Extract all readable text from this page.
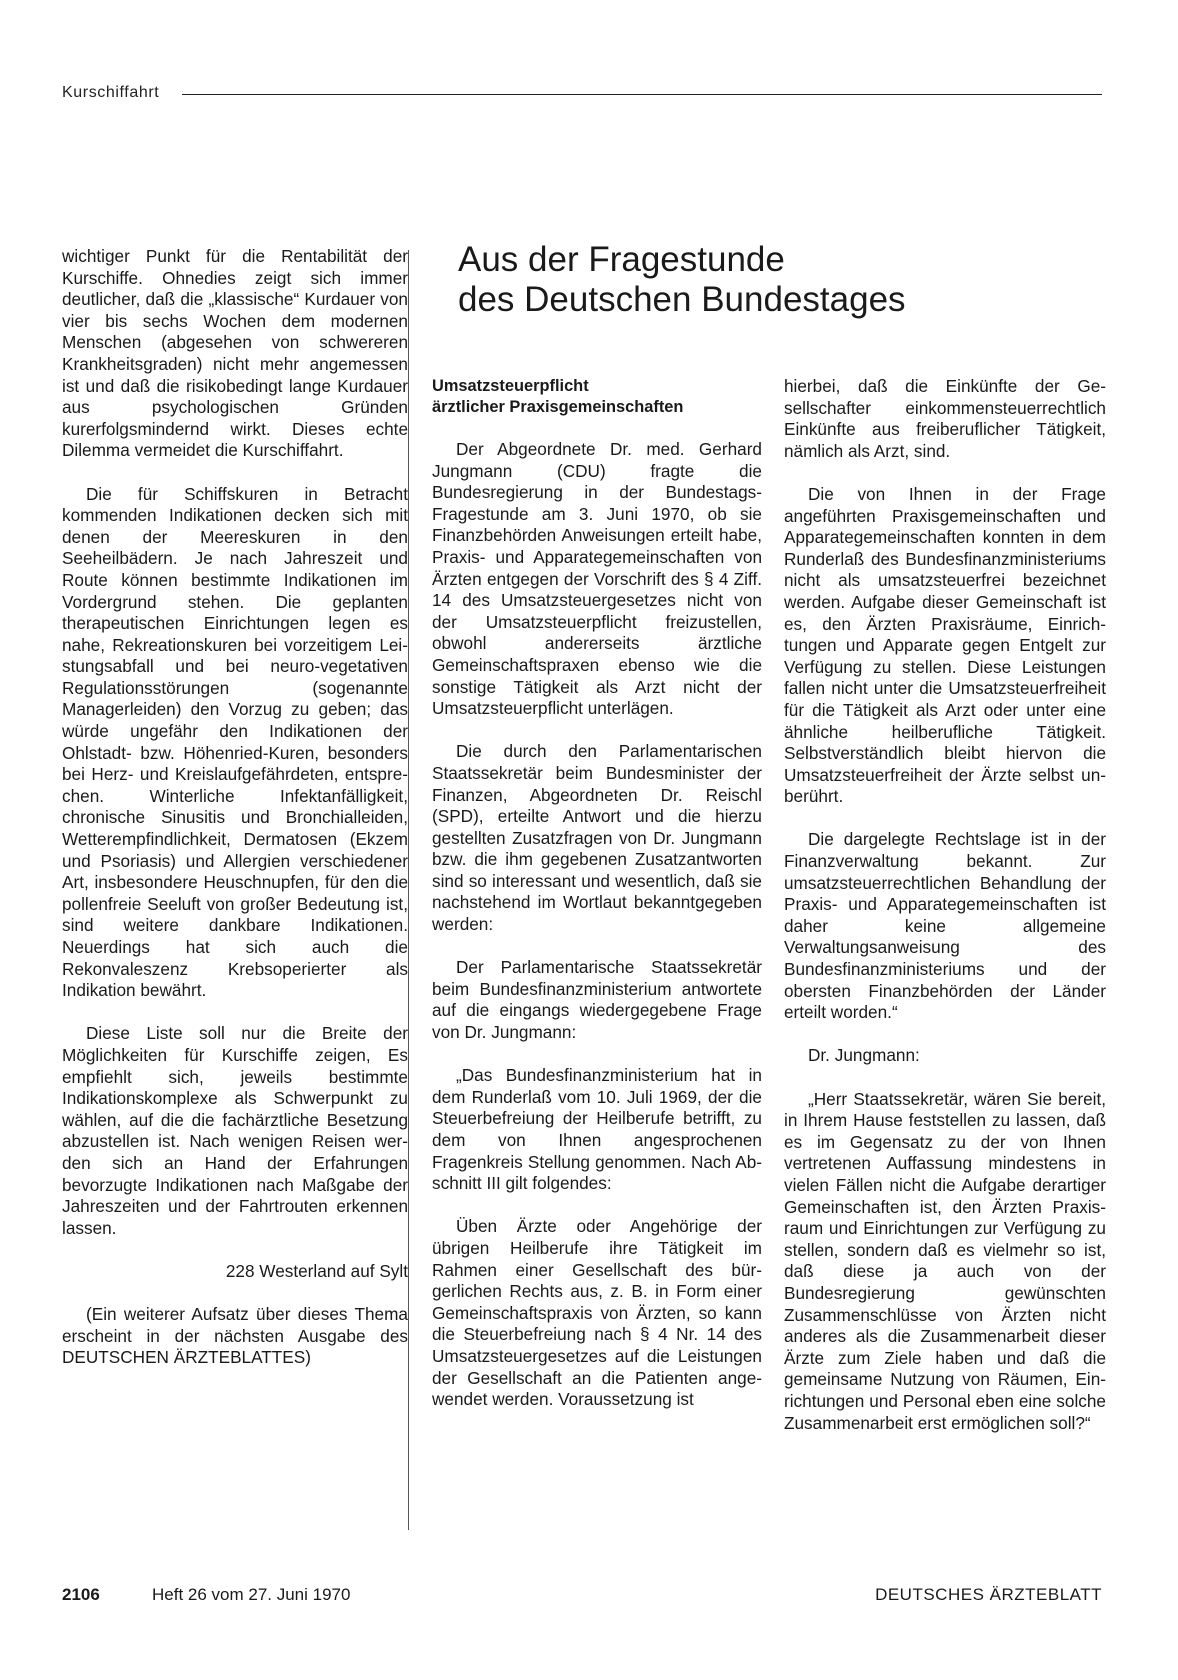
Kurschiffahrt

wichtiger Punkt für die Rentabilität der Kurschiffe. Ohnedies zeigt sich immer deutlicher, daß die „klassische“ Kurdauer von vier bis sechs Wochen dem modernen Menschen (abgesehen von schwereren Krankheitsgraden) nicht mehr angemessen ist und daß die risikobedingt lange Kurdauer aus psychologischen Gründen kurerfolgsmindernd wirkt. Dieses echte Dilemma vermeidet die Kurschiffahrt.

Die für Schiffskuren in Betracht kommenden Indikationen decken sich mit denen der Meereskuren in den Seeheilbädern. Je nach Jahreszeit und Route können bestimmte Indikationen im Vordergrund stehen. Die geplanten therapeutischen Einrichtungen legen es nahe, Rekreationskuren bei vorzeitigem Leistungsabfall und bei neuro-vegetativen Regulationsstörungen (sogenannte Managerleiden) den Vorzug zu geben; das würde ungefähr den Indikationen der Ohlstadt- bzw. Höhenried-Kuren, besonders bei Herz- und Kreislaufgefährdeten, entsprechen. Winterliche Infektanfälligkeit, chronische Sinusitis und Bronchialleiden, Wetterempfindlichkeit, Dermatosen (Ekzem und Psoriasis) und Allergien verschiedener Art, insbesondere Heuschnupfen, für den die pollenfreie Seeluft von großer Bedeutung ist, sind weitere dankbare Indikationen. Neuerdings hat sich auch die Rekonvaleszenz Krebsoperierter als Indikation bewährt.

Diese Liste soll nur die Breite der Möglichkeiten für Kurschiffe zeigen, Es empfiehlt sich, jeweils bestimmte Indikationskomplexe als Schwerpunkt zu wählen, auf die die fachärztliche Besetzung abzustellen ist. Nach wenigen Reisen werden sich an Hand der Erfahrungen bevorzugte Indikationen nach Maßgabe der Jahreszeiten und der Fahrtrouten erkennen lassen.

228 Westerland auf Sylt

(Ein weiterer Aufsatz über dieses Thema erscheint in der nächsten Ausgabe des DEUTSCHEN ÄRZTEBLATTES)

Aus der Fragestunde
des Deutschen Bundestages
Umsatzsteuerpflicht
ärztlicher Praxisgemeinschaften

Der Abgeordnete Dr. med. Gerhard Jungmann (CDU) fragte die Bundesregierung in der Bundestags-Fragestunde am 3. Juni 1970, ob sie Finanzbehörden Anweisungen erteilt habe, Praxis- und Apparategemeinschaften von Ärzten entgegen der Vorschrift des § 4 Ziff. 14 des Umsatzsteuergesetzes nicht von der Umsatzsteuerpflicht freizustellen, obwohl andererseits ärztliche Gemeinschaftspraxen ebenso wie die sonstige Tätigkeit als Arzt nicht der Umsatzsteuerpflicht unterlägen.

Die durch den Parlamentarischen Staatssekretär beim Bundesminister der Finanzen, Abgeordneten Dr. Reischl (SPD), erteilte Antwort und die hierzu gestellten Zusatzfragen von Dr. Jungmann bzw. die ihm gegebenen Zusatzantworten sind so interessant und wesentlich, daß sie nachstehend im Wortlaut bekanntgegeben werden:

Der Parlamentarische Staatssekretär beim Bundesfinanzministerium antwortete auf die eingangs wiedergegebene Frage von Dr. Jungmann:

„Das Bundesfinanzministerium hat in dem Runderlaß vom 10. Juli 1969, der die Steuerbefreiung der Heilberufe betrifft, zu dem von Ihnen angesprochenen Fragenkreis Stellung genommen. Nach Abschnitt III gilt folgendes:

Üben Ärzte oder Angehörige der übrigen Heilberufe ihre Tätigkeit im Rahmen einer Gesellschaft des bürgerlichen Rechts aus, z. B. in Form einer Gemeinschaftspraxis von Ärzten, so kann die Steuerbefreiung nach § 4 Nr. 14 des Umsatzsteuergesetzes auf die Leistungen der Gesellschaft an die Patienten angewendet werden. Voraussetzung ist

hierbei, daß die Einkünfte der Gesellschafter einkommensteuerrechtlich Einkünfte aus freiberuflicher Tätigkeit, nämlich als Arzt, sind.

Die von Ihnen in der Frage angeführten Praxisgemeinschaften und Apparategemeinschaften konnten in dem Runderlaß des Bundesfinanzministeriums nicht als umsatzsteuerfrei bezeichnet werden. Aufgabe dieser Gemeinschaft ist es, den Ärzten Praxisräume, Einrichtungen und Apparate gegen Entgelt zur Verfügung zu stellen. Diese Leistungen fallen nicht unter die Umsatzsteuerfreiheit für die Tätigkeit als Arzt oder unter eine ähnliche heilberufliche Tätigkeit. Selbstverständlich bleibt hiervon die Umsatzsteuerfreiheit der Ärzte selbst unberührt.

Die dargelegte Rechtslage ist in der Finanzverwaltung bekannt. Zur umsatzsteuerrechtlichen Behandlung der Praxis- und Apparategemeinschaften ist daher keine allgemeine Verwaltungsanweisung des Bundesfinanzministeriums und der obersten Finanzbehörden der Länder erteilt worden.“

Dr. Jungmann:

„Herr Staatssekretär, wären Sie bereit, in Ihrem Hause feststellen zu lassen, daß es im Gegensatz zu der von Ihnen vertretenen Auffassung mindestens in vielen Fällen nicht die Aufgabe derartiger Gemeinschaften ist, den Ärzten Praxisraum und Einrichtungen zur Verfügung zu stellen, sondern daß es vielmehr so ist, daß diese ja auch von der Bundesregierung gewünschten Zusammenschlüsse von Ärzten nicht anderes als die Zusammenarbeit dieser Ärzte zum Ziele haben und daß die gemeinsame Nutzung von Räumen, Einrichtungen und Personal eben eine solche Zusammenarbeit erst ermöglichen soll?“

2106	Heft 26 vom 27. Juni 1970	DEUTSCHES ÄRZTEBLATT
